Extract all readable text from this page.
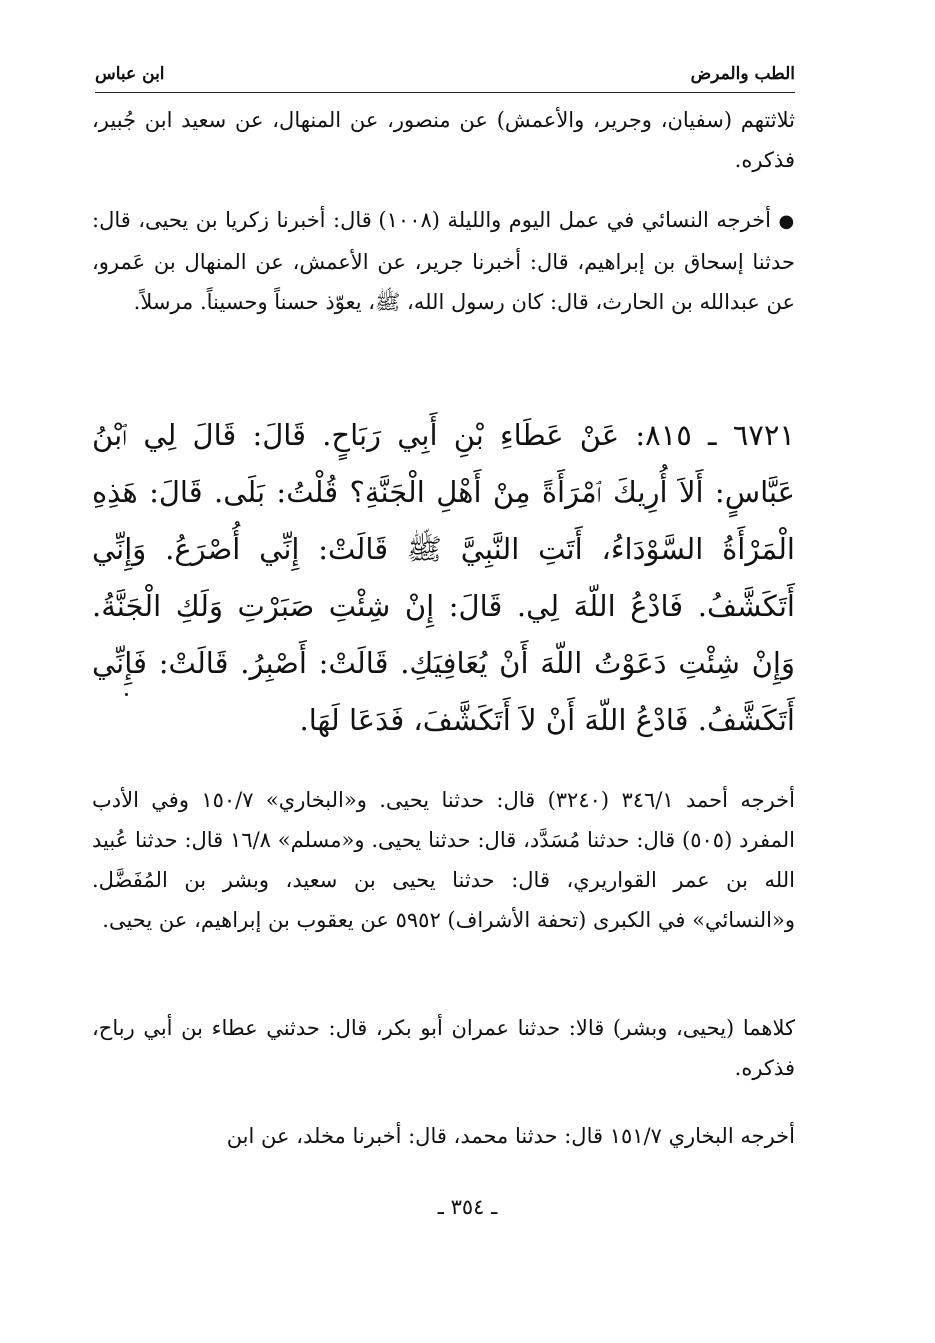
الطب والمرض
ابن عباس

ثلاثتهم (سفيان، وجرير، والأعمش) عن منصور، عن المنهال، عن سعيد ابن جُبير، فذكره.

● أخرجه النسائي في عمل اليوم والليلة (١٠٠٨) قال: أخبرنا زكريا بن يحيى، قال: حدثنا إسحاق بن إبراهيم، قال: أخبرنا جرير، عن الأعمش، عن المنهال بن عَمرو، عن عبدالله بن الحارث، قال: كان رسول الله، ﷺ، يعوّذ حسناً وحسيناً. مرسلاً.

٦٧٢١ ـ ٨١٥: عَنْ عَطَاءِ بْنِ أَبِي رَبَاحٍ. قَالَ: قَالَ لِي ٱبْنُ عَبَّاسٍ: أَلاَ أُرِيكَ ٱمْرَأَةً مِنْ أَهْلِ الْجَنَّةِ؟ قُلْتُ: بَلَى. قَالَ: هَذِهِ الْمَرْأَةُ السَّوْدَاءُ، أَتَتِ النَّبِيَّ ﷺ قَالَتْ: إِنِّي أُصْرَعُ. وَإِنِّي أَتَكَشَّفُ. فَادْعُ اللّهَ لِي. قَالَ: إِنْ شِئْتِ صَبَرْتِ وَلَكِ الْجَنَّةُ. وَإِنْ شِئْتِ دَعَوْتُ اللّهَ أَنْ يُعَافِيَكِ. قَالَتْ: أَصْبِرُ. قَالَتْ: فَإِنِّي أَتَكَشَّفُ. فَادْعُ اللّهَ أَنْ لاَ أَتَكَشَّفَ، فَدَعَا لَهَا.

أخرجه أحمد ٣٤٦/١ (٣٢٤٠) قال: حدثنا يحيى. و«البخاري» ١٥٠/٧ وفي الأدب المفرد (٥٠٥) قال: حدثنا مُسَدَّد، قال: حدثنا يحيى. و«مسلم» ١٦/٨ قال: حدثنا عُبيد الله بن عمر القواريري، قال: حدثنا يحيى بن سعيد، وبشر بن المُفَضَّل. و«النسائي» في الكبرى (تحفة الأشراف) ٥٩٥٢ عن يعقوب بن إبراهيم، عن يحيى.

كلاهما (يحيى، وبشر) قالا: حدثنا عمران أبو بكر، قال: حدثني عطاء بن أبي رباح، فذكره.

أخرجه البخاري ١٥١/٧ قال: حدثنا محمد، قال: أخبرنا مخلد، عن ابن

ـ ٣٥٤ ـ
